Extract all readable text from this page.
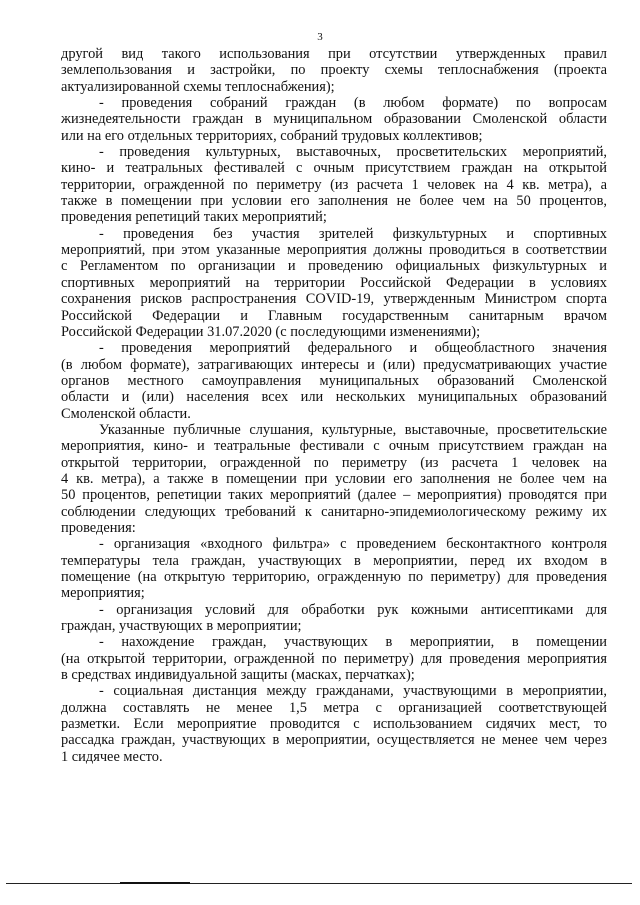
3
другой вид такого использования при отсутствии утвержденных правил
землепользования и застройки, по проекту схемы теплоснабжения (проекта
актуализированной схемы теплоснабжения);
- проведения собраний граждан (в любом формате) по вопросам
жизнедеятельности граждан в муниципальном образовании Смоленской области
или на его отдельных территориях, собраний трудовых коллективов;
- проведения культурных, выставочных, просветительских мероприятий,
кино- и театральных фестивалей с очным присутствием граждан на открытой
территории, огражденной по периметру (из расчета 1 человек на 4 кв. метра), а
также в помещении при условии его заполнения не более чем на 50 процентов,
проведения репетиций таких мероприятий;
- проведения без участия зрителей физкультурных и спортивных
мероприятий, при этом указанные мероприятия должны проводиться в соответствии
с Регламентом по организации и проведению официальных физкультурных и
спортивных мероприятий на территории Российской Федерации в условиях
сохранения рисков распространения COVID-19, утвержденным Министром спорта
Российской Федерации и Главным государственным санитарным врачом
Российской Федерации 31.07.2020 (с последующими изменениями);
- проведения мероприятий федерального и общеобластного значения
(в любом формате), затрагивающих интересы и (или) предусматривающих участие
органов местного самоуправления муниципальных образований Смоленской
области и (или) населения всех или нескольких муниципальных образований
Смоленской области.
Указанные публичные слушания, культурные, выставочные, просветительские
мероприятия, кино- и театральные фестивали с очным присутствием граждан на
открытой территории, огражденной по периметру (из расчета 1 человек на
4 кв. метра), а также в помещении при условии его заполнения не более чем на
50 процентов, репетиции таких мероприятий (далее – мероприятия) проводятся при
соблюдении следующих требований к санитарно-эпидемиологическому режиму их
проведения:
- организация «входного фильтра» с проведением бесконтактного контроля
температуры тела граждан, участвующих в мероприятии, перед их входом в
помещение (на открытую территорию, огражденную по периметру) для проведения
мероприятия;
- организация условий для обработки рук кожными антисептиками для
граждан, участвующих в мероприятии;
- нахождение граждан, участвующих в мероприятии, в помещении
(на открытой территории, огражденной по периметру) для проведения мероприятия
в средствах индивидуальной защиты (масках, перчатках);
- социальная дистанция между гражданами, участвующими в мероприятии,
должна составлять не менее 1,5 метра с организацией соответствующей
разметки. Если мероприятие проводится с использованием сидячих мест, то
рассадка граждан, участвующих в мероприятии, осуществляется не менее чем через
1 сидячее место.
